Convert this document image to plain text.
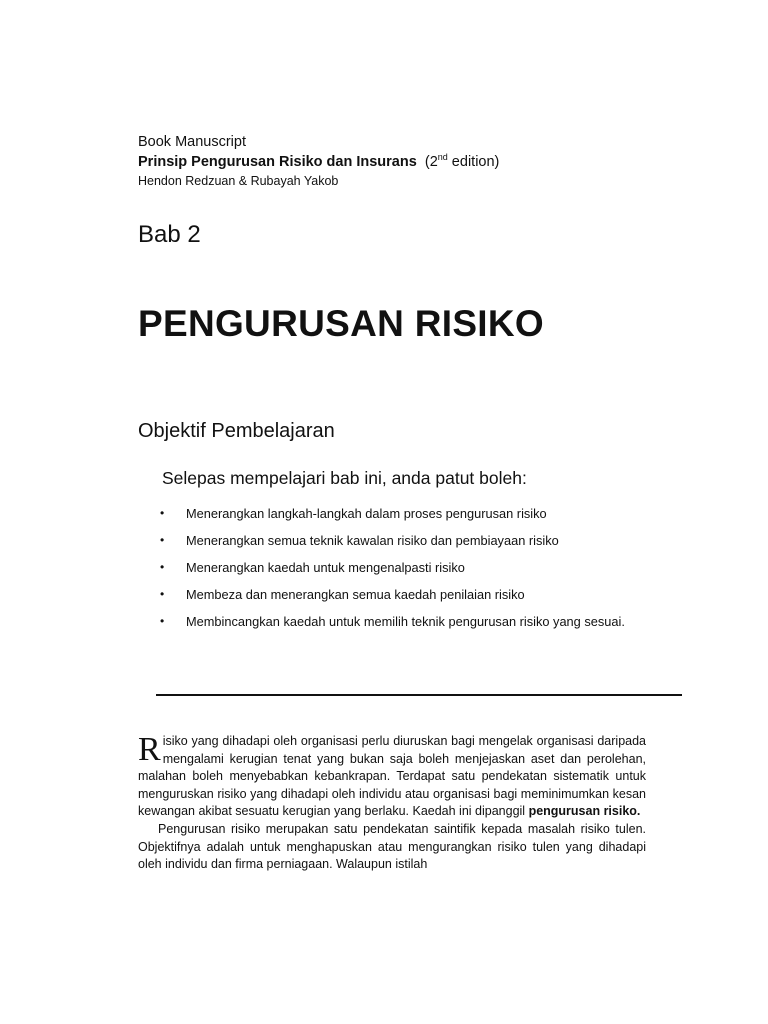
Book Manuscript
Prinsip Pengurusan Risiko dan Insurans (2nd edition)
Hendon Redzuan & Rubayah Yakob
Bab 2
PENGURUSAN RISIKO
Objektif Pembelajaran
Selepas mempelajari bab ini, anda patut boleh:
• Menerangkan langkah-langkah dalam proses pengurusan risiko
• Menerangkan semua teknik kawalan risiko dan pembiayaan risiko
• Menerangkan kaedah untuk mengenalpasti risiko
• Membeza dan menerangkan semua kaedah penilaian risiko
• Membincangkan kaedah untuk memilih teknik pengurusan risiko yang sesuai.

Risiko yang dihadapi oleh organisasi perlu diuruskan bagi mengelak organisasi daripada mengalami kerugian tenat yang bukan saja boleh menjejaskan aset dan perolehan, malahan boleh menyebabkan kebankrapan. Terdapat satu pendekatan sistematik untuk menguruskan risiko yang dihadapi oleh individu atau organisasi bagi meminimumkan kesan kewangan akibat sesuatu kerugian yang berlaku. Kaedah ini dipanggil pengurusan risiko.

Pengurusan risiko merupakan satu pendekatan saintifik kepada masalah risiko tulen. Objektifnya adalah untuk menghapuskan atau mengurangkan risiko tulen yang dihadapi oleh individu dan firma perniagaan. Walaupun istilah
